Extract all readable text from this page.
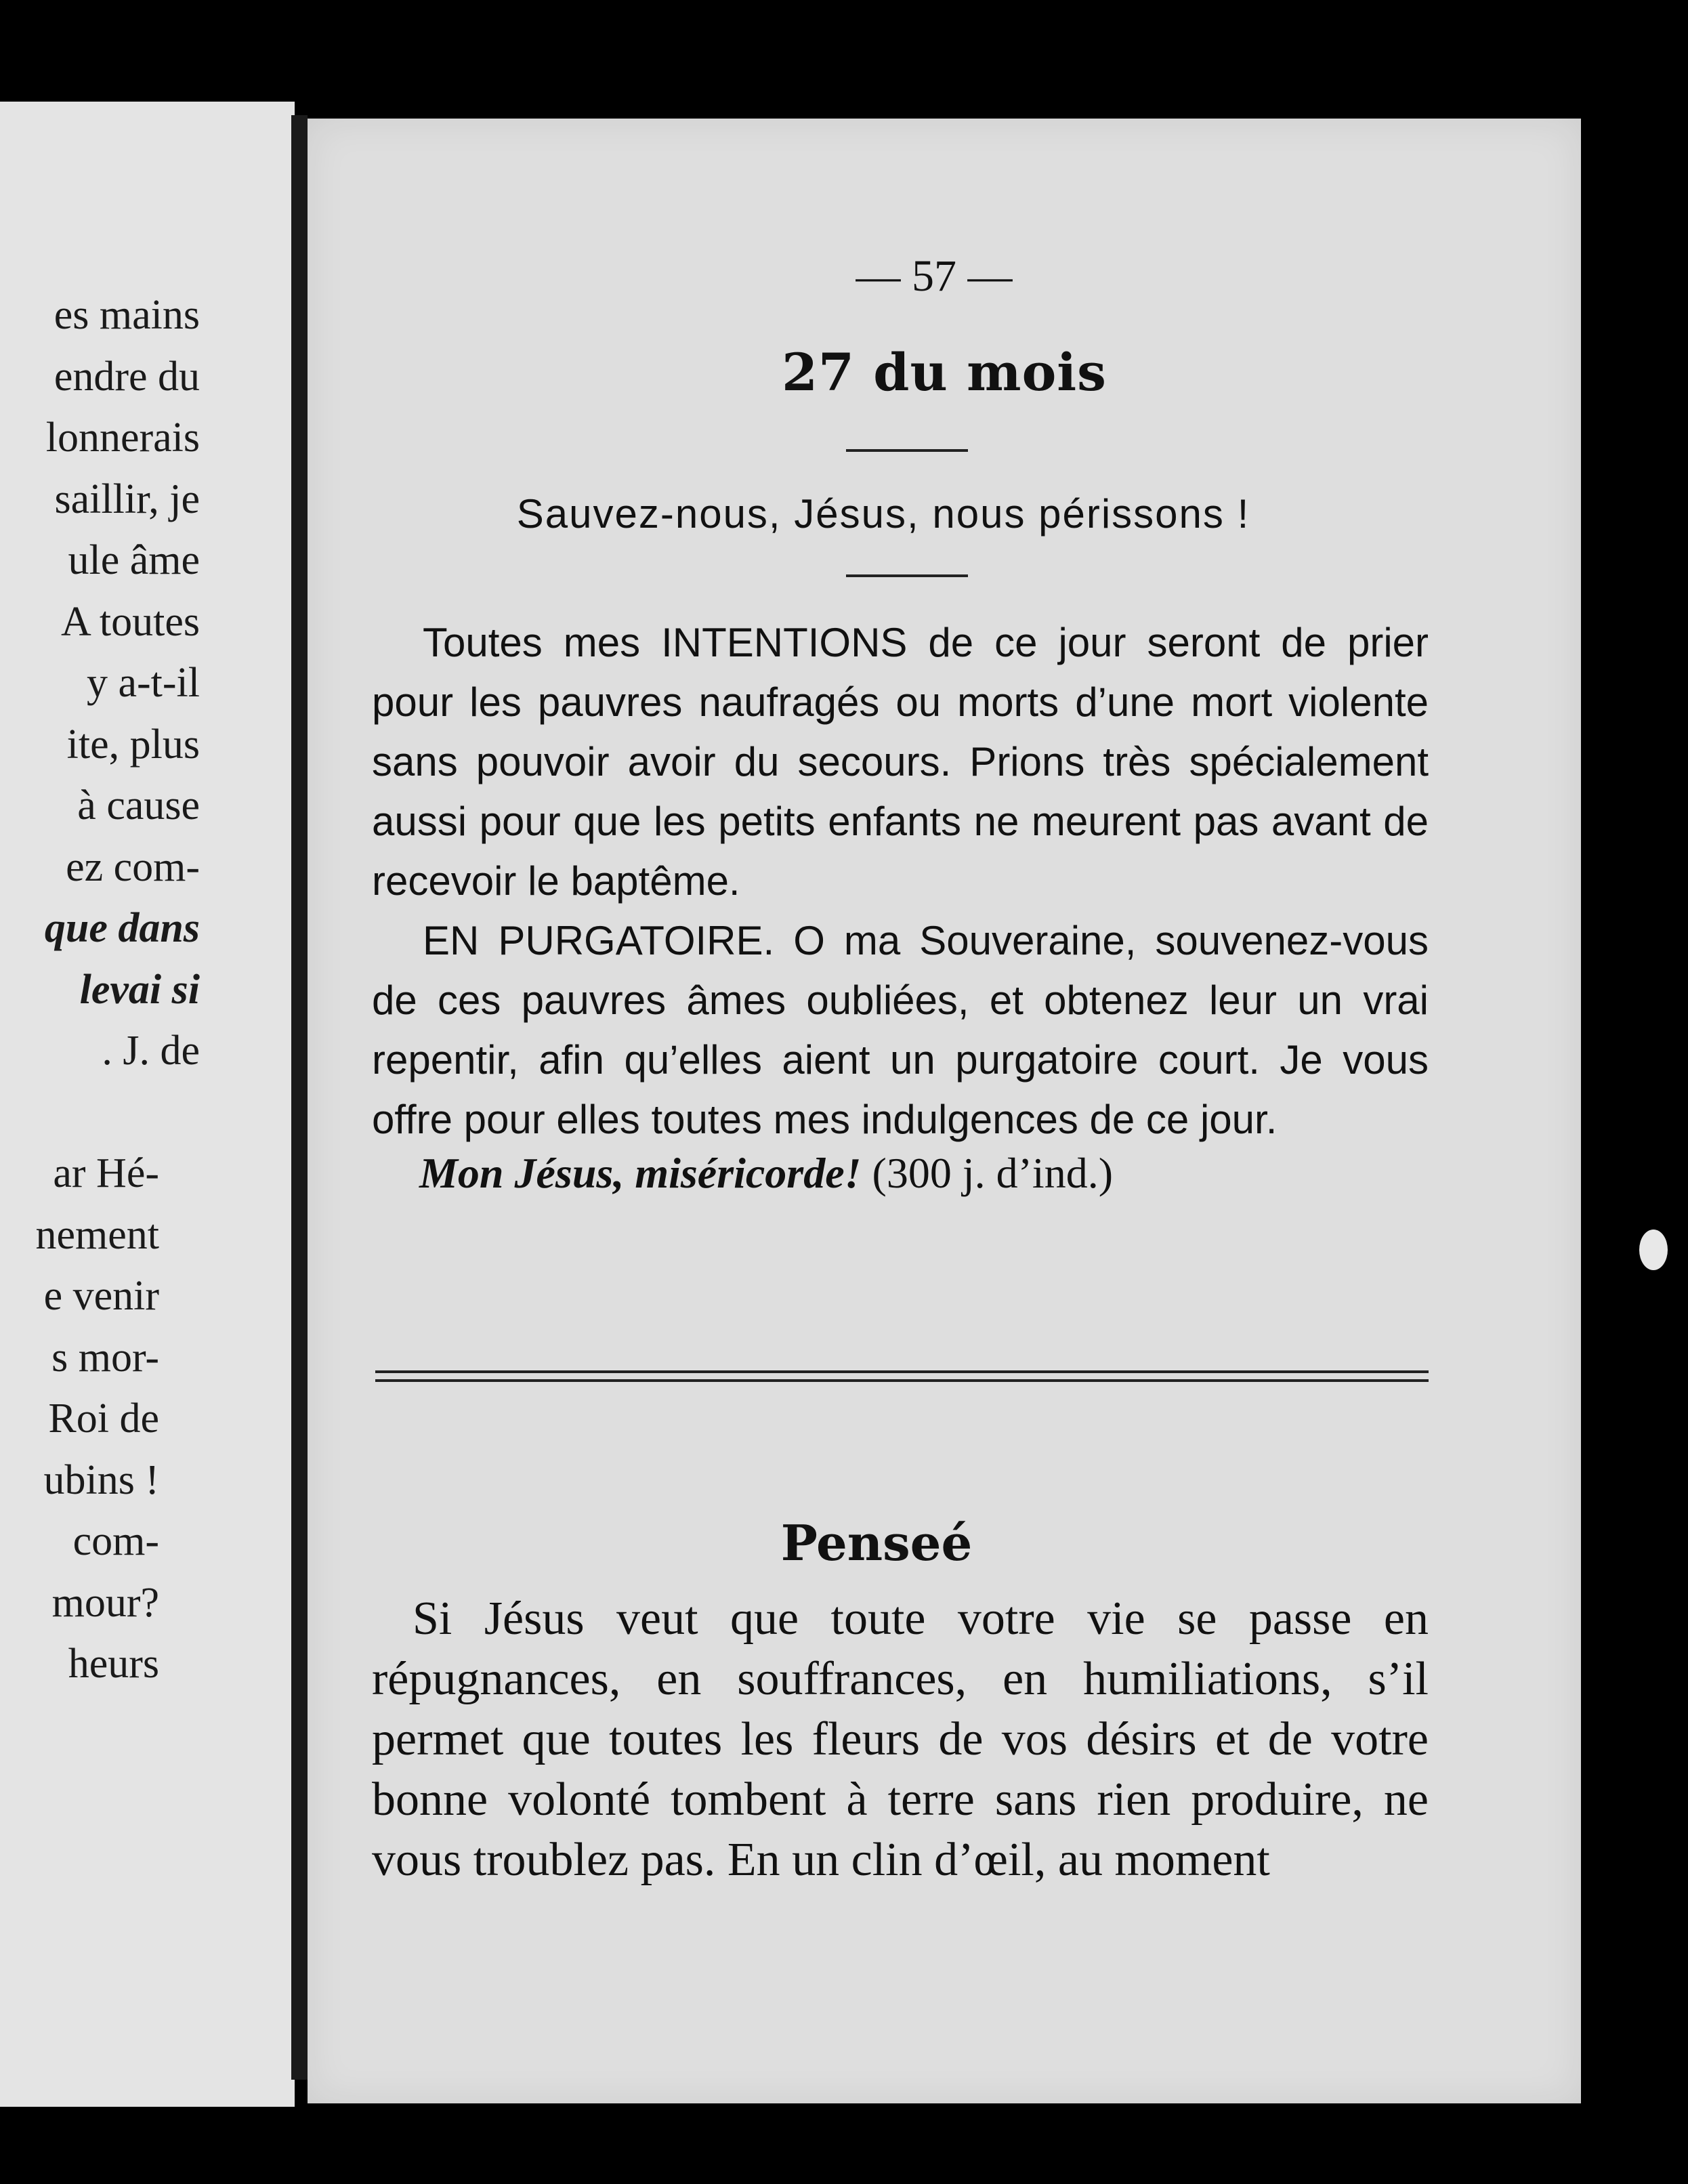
es mains
endre du
lonnerais
saillir, je
ule âme
A toutes
y a-t-il
ite, plus
à cause
ez com-
que dans
levai si
. J. de
ar Hé-
nement
e venir
s mor-
Roi de
ubins !
com-
mour?
heurs
— 57 —
27 du mois
Sauvez-nous, Jésus, nous périssons !

Toutes mes INTENTIONS de ce jour seront de prier pour les pauvres naufragés ou morts d’une mort violente sans pouvoir avoir du secours. Prions très spécialement aussi pour que les petits enfants ne meurent pas avant de recevoir le baptême.

EN PURGATOIRE. O ma Souveraine, souvenez-vous de ces pauvres âmes oubliées, et obtenez leur un vrai repentir, afin qu’elles aient un purgatoire court. Je vous offre pour elles toutes mes indulgences de ce jour.

Mon Jésus, miséricorde! (300 j. d’ind.)
Penseé

Si Jésus veut que toute votre vie se passe en répugnances, en souffrances, en humiliations, s’il permet que toutes les fleurs de vos désirs et de votre bonne volonté tombent à terre sans rien produire, ne vous troublez pas. En un clin d’œil, au moment
